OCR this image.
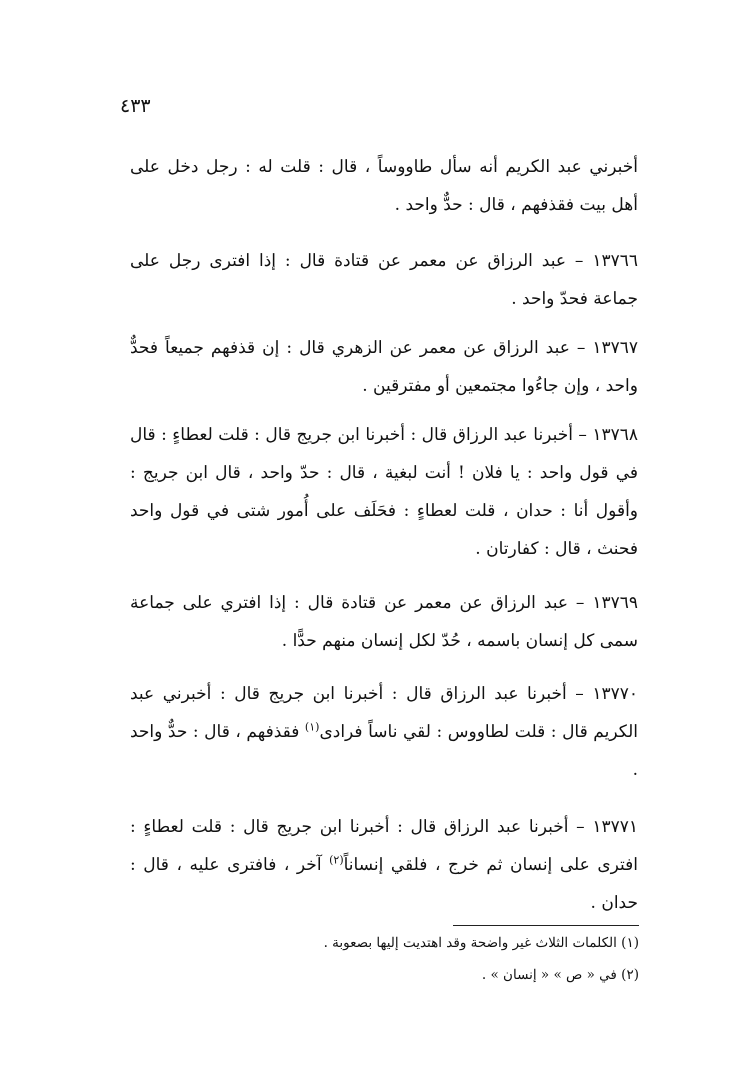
٤٣٣

أخبرني عبد الكريم أنه سأل طاووساً ، قال : قلت له : رجل دخل على أهل بيت فقذفهم ، قال : حدٌّ واحد .

١٣٧٦٦ – عبد الرزاق عن معمر عن قتادة قال : إذا افترى رجل على جماعة فحدّ واحد .

١٣٧٦٧ – عبد الرزاق عن معمر عن الزهري قال : إن قذفهم جميعاً فحدٌّ واحد ، وإن جاءُوا مجتمعين أو مفترقين .

١٣٧٦٨ – أخبرنا عبد الرزاق قال : أخبرنا ابن جريج قال : قلت لعطاءٍ : قال في قول واحد : يا فلان ! أنت لبغية ، قال : حدّ واحد ، قال ابن جريج : وأقول أنا : حدان ، قلت لعطاءٍ : فحَلَف على أُمور شتى في قول واحد فحنث ، قال : كفارتان .

١٣٧٦٩ – عبد الرزاق عن معمر عن قتادة قال : إذا افتري على جماعة سمى كل إنسان باسمه ، حُدّ لكل إنسان منهم حدًّا .

١٣٧٧٠ – أخبرنا عبد الرزاق قال : أخبرنا ابن جريج قال : أخبرني عبد الكريم قال : قلت لطاووس : لقي ناساً فرادى$^{(١)}$ فقذفهم ، قال : حدٌّ واحد .

١٣٧٧١ – أخبرنا عبد الرزاق قال : أخبرنا ابن جريج قال : قلت لعطاءٍ : افترى على إنسان ثم خرج ، فلقي إنساناً$^{(٢)}$ آخر ، فافترى عليه ، قال : حدان .

(١) الكلمات الثلاث غير واضحة وقد اهتديت إليها بصعوبة .
(٢) في « ص » « إنسان » .
